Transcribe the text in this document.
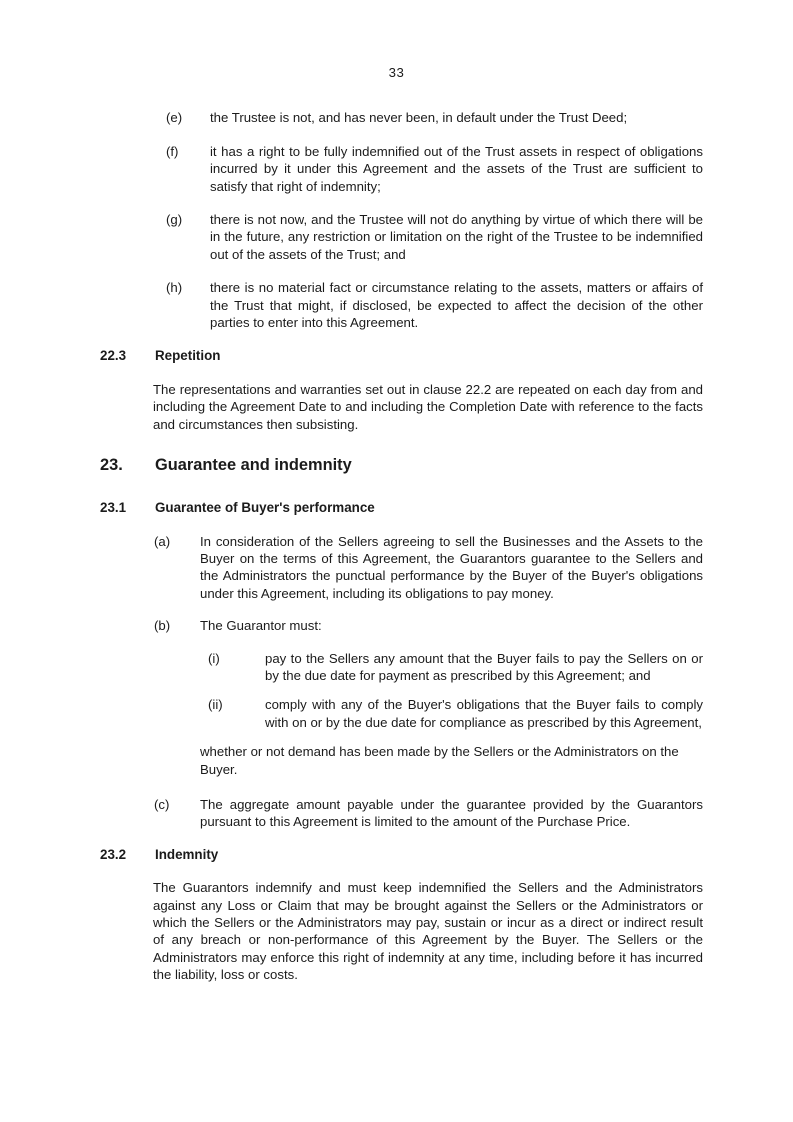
33
(e)	the Trustee is not, and has never been, in default under the Trust Deed;
(f)	it has a right to be fully indemnified out of the Trust assets in respect of obligations incurred by it under this Agreement and the assets of the Trust are sufficient to satisfy that right of indemnity;
(g)	there is not now, and the Trustee will not do anything by virtue of which there will be in the future, any restriction or limitation on the right of the Trustee to be indemnified out of the assets of the Trust; and
(h)	there is no material fact or circumstance relating to the assets, matters or affairs of the Trust that might, if disclosed, be expected to affect the decision of the other parties to enter into this Agreement.
22.3	Repetition
The representations and warranties set out in clause 22.2 are repeated on each day from and including the Agreement Date to and including the Completion Date with reference to the facts and circumstances then subsisting.
23.	Guarantee and indemnity
23.1	Guarantee of Buyer's performance
(a)	In consideration of the Sellers agreeing to sell the Businesses and the Assets to the Buyer on the terms of this Agreement, the Guarantors guarantee to the Sellers and the Administrators the punctual performance by the Buyer of the Buyer's obligations under this Agreement, including its obligations to pay money.
(b)	The Guarantor must:
(i)	pay to the Sellers any amount that the Buyer fails to pay the Sellers on or by the due date for payment as prescribed by this Agreement; and
(ii)	comply with any of the Buyer's obligations that the Buyer fails to comply with on or by the due date for compliance as prescribed by this Agreement,
whether or not demand has been made by the Sellers or the Administrators on the Buyer.
(c)	The aggregate amount payable under the guarantee provided by the Guarantors pursuant to this Agreement is limited to the amount of the Purchase Price.
23.2	Indemnity
The Guarantors indemnify and must keep indemnified the Sellers and the Administrators against any Loss or Claim that may be brought against the Sellers or the Administrators or which the Sellers or the Administrators may pay, sustain or incur as a direct or indirect result of any breach or non-performance of this Agreement by the Buyer. The Sellers or the Administrators may enforce this right of indemnity at any time, including before it has incurred the liability, loss or costs.
